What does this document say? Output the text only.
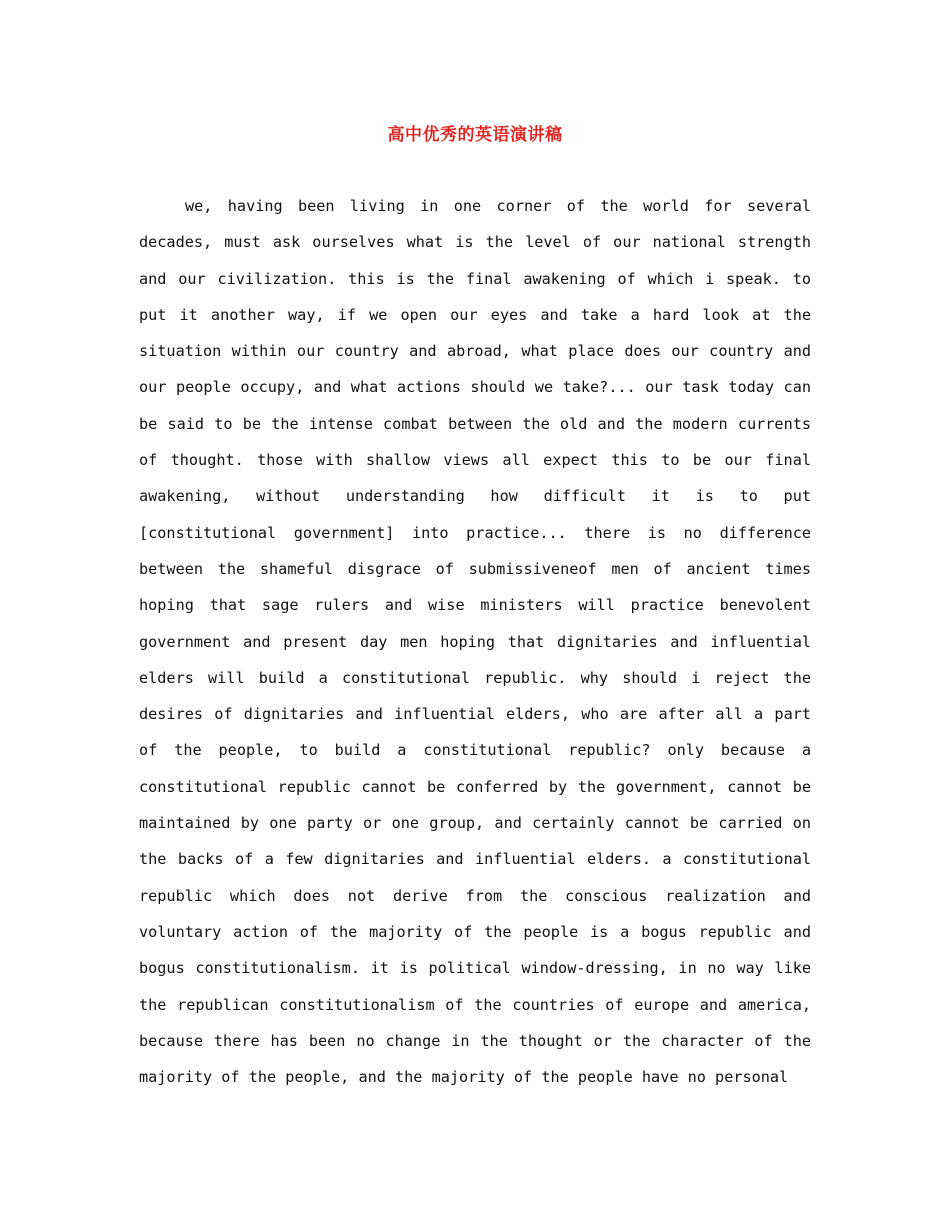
高中优秀的英语演讲稿

we, having been living in one corner of the world for several decades, must ask ourselves what is the level of our national strength and our civilization. this is the final awakening of which i speak. to put it another way, if we open our eyes and take a hard look at the situation within our country and abroad, what place does our country and our people occupy, and what actions should we take?... our task today can be said to be the intense combat between the old and the modern currents of thought. those with shallow views all expect this to be our final awakening, without understanding how difficult it is to put [constitutional government] into practice... there is no difference between the shameful disgrace of submissiveneof men of ancient times hoping that sage rulers and wise ministers will practice benevolent government and present day men hoping that dignitaries and influential elders will build a constitutional republic. why should i reject the desires of dignitaries and influential elders, who are after all a part of the people, to build a constitutional republic? only because a constitutional republic cannot be conferred by the government, cannot be maintained by one party or one group, and certainly cannot be carried on the backs of a few dignitaries and influential elders. a constitutional republic which does not derive from the conscious realization and voluntary action of the majority of the people is a bogus republic and bogus constitutionalism. it is political window-dressing, in no way like the republican constitutionalism of the countries of europe and america, because there has been no change in the thought or the character of the majority of the people, and the majority of the people have no personal
